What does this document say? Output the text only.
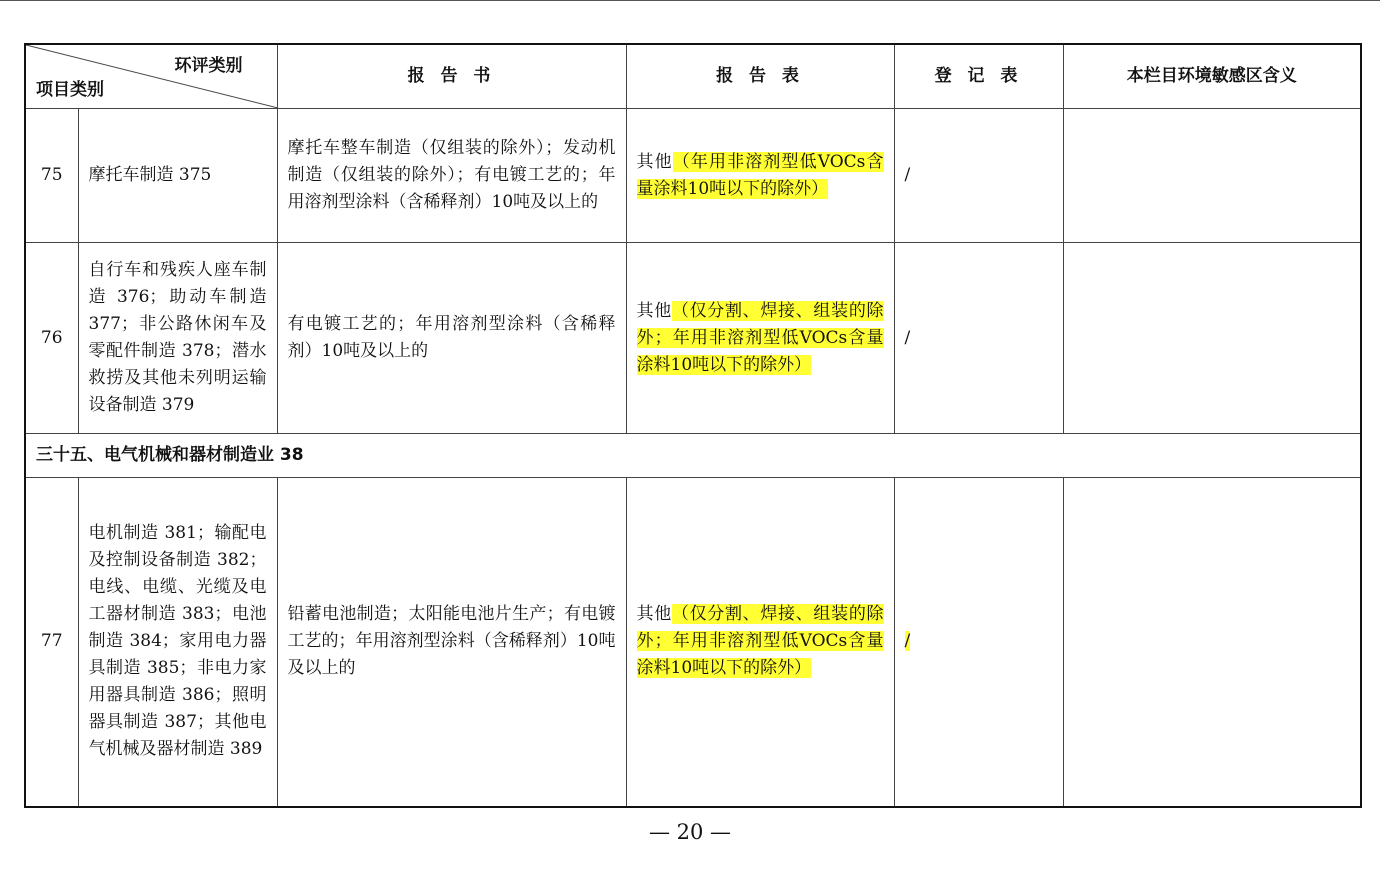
环评类别
项目类别		报 告 书	报 告 表	登 记 表	本栏目环境敏感区含义
75	摩托车制造 375	摩托车整车制造（仅组装的除外）；发动机制造（仅组装的除外）；有电镀工艺的；年用溶剂型涂料（含稀释剂）10吨及以上的	其他（年用非溶剂型低VOCs含量涂料10吨以下的除外）	/	
76	自行车和残疾人座车制造 376；助动车制造 377；非公路休闲车及零配件制造 378；潜水救捞及其他未列明运输设备制造 379	有电镀工艺的；年用溶剂型涂料（含稀释剂）10吨及以上的	其他（仅分割、焊接、组装的除外；年用非溶剂型低VOCs含量涂料10吨以下的除外）	/	
三十五、电气机械和器材制造业 38					
77	电机制造 381；输配电及控制设备制造 382；电线、电缆、光缆及电工器材制造 383；电池制造 384；家用电力器具制造 385；非电力家用器具制造 386；照明器具制造 387；其他电气机械及器材制造 389	铅蓄电池制造；太阳能电池片生产；有电镀工艺的；年用溶剂型涂料（含稀释剂）10吨及以上的	其他（仅分割、焊接、组装的除外；年用非溶剂型低VOCs含量涂料10吨以下的除外）	/	
— 20 —
